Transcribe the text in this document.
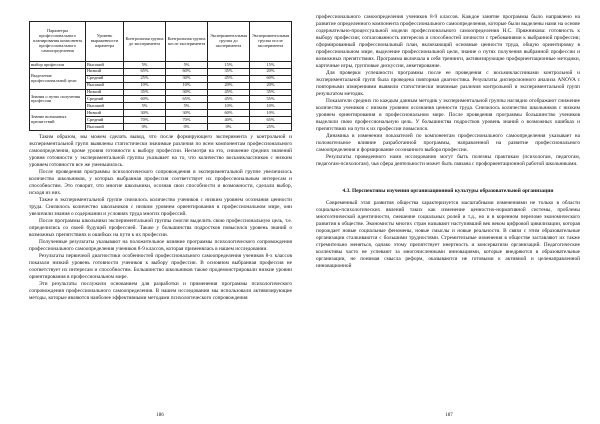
Параметры профессионального планирования компонента профессионального самоопределения	Уровень выраженности параметра	Контрольная группа до эксперимента	Контрольная группа после эксперимента	Экспериментальная группа до эксперимента	Экспериментальная группа после эксперимента
выбор профессии	Высокий	5%	5%	15%	15%
Выделение профессиональной цели	Низкий	65%	60%	35%	20%
	Средний	25%	30%	45%	60%
	Высокий	10%	10%	20%	20%
Знания о путях получения профессии	Низкий	35%	30%	45%	35%
	Средний	60%	65%	45%	55%
	Высокий	5%	5%	10%	10%
Знание возможных препятствий	Низкий	30%	30%	60%	10%
	Средний	70%	70%	40%	65%
	Высокий	0%	0%	0%	25%

Таким образом, мы можем сделать вывод, что после формирующего эксперимента у контрольной и экспериментальной групп выявлены статистически значимые различия по всем компонентам профессионального самоопределения, кроме уровня готовности к выбору профессии. Несмотря на это, снижение средних значений уровня готовности у экспериментальной группы указывает на то, что количество восьмиклассников с низким уровнем готовности все же уменьшилось.

После проведения программы психологического сопровождения в экспериментальной группе увеличилось количество школьников, у которых выбранная профессия соответствует их профессиональным интересам и способностям. Это говорит, что многие школьники, осознав свои способности и возможности, сделали выбор, исходя из них.

Также в экспериментальной группе снизилось количество учеников с низким уровнем осознания ценности труда. Снизилось количество школьников с низким уровнем ориентирования в профессиональном мире, они увеличили знания о содержании и условиях труда многих профессий.

После программы школьники экспериментальной группы смогли выделить свою профессиональную цель, т.е. определились со своей будущей профессией. Также у большинства подростков повысился уровень знаний о возможных препятствиях и ошибках на пути к их профессии.

Полученные результаты указывают на положительное влияние программы психологического сопровождения профессионального самоопределения учеников 8-9 классов, которая применялась в нашем исследовании.

Результаты первичной диагностики особенностей профессионального самоопределения учеников 8-х классов показали низкий уровень готовности учеников к выбору профессии. В основном выбранная профессия не соответствует их интересам и способностям. Большинство школьников также продемонстрировали низкие уровни ориентирования в профессиональном мире.

Эти результаты послужили основанием для разработки и применения программы психологического сопровождения профессионального самоопределения. В нашем исследовании мы использовали активизирующие методы, которые являются наиболее эффективными методами психологического сопровождения

186

профессионального самоопределения учеников 8-9 классов. Каждое занятие программы было направлено на развитие определенного компонента профессионального самоопределения, которые были выделены нами на основе содержательно-процессуальной модели профессионального самоопределения Н.С. Пряжникова: готовность к выбору профессии; согласованность интересов и способностей личности с требованиями к выбранной профессии; сформированный профессиональный план, включающий основные ценности труда, общую ориентировку в профессиональном мире, выделение профессиональной цели, знание о путях получения выбранной профессии и возможных препятствиях. Программа включала в себя тренинги, активизирующие профориентационные методики, карточные игры, групповые дискуссии, анкетирование.

Для проверки успешности программы после ее проведения с восьмиклассниками контрольной и экспериментальной групп была проведена повторная диагностика. Результаты дисперсионного анализа ANOVA с повторными измерениями выявили статистически значимые различия контрольной и экспериментальной групп результатом методик.

Показатели средних по каждым данным методик у экспериментальной группы наглядно отображают снижение количества учеников с низким уровнем осознания ценности труда. Снизилось количество школьников с низким уровнем ориентирования в профессиональном мире. После проведения программы большинство учеников выделили свою профессиональную цель. У большинства подростков уровень знаний о возможных ошибках и препятствиях на пути к их профессии повысился.

Динамика в изменении показателей по компонентам профессионального самоопределения указывает на положительное влияние разработанной программы, направленной на развитие профессионального самоопределения и формирование осознанного выбора профессии.

Результаты проведенного нами исследования могут быть полезны практикам (психологам, педагогам, педагогам-психологам), чья сфера деятельности может быть связана с профориентационной работой школьниками.

4.3. Перспективы изучения организационной культуры образовательной организации

Современный этап развития общества характеризуется масштабными изменениями не только в области социально-психологических явлений таких как изменение ценностно-нормативной системы, проблемы многоэтнической идентичности, смешение социальных ролей и т.д., но и в коренном переломе экономического развития в обществе. Экономисты многих стран называют наступивший век веком цифровой цивилизации, которая порождает новые социальные феномены, новые смыслы и новые реальности. В связи с этим образовательные организации сталкиваются с большими трудностями. Стремительные изменения в обществе заставляют их также стремительно меняться, однако этому препятствует инертность и консерватизм организаций. Педагогические коллективы часто не успевают за многочисленными инновациями, которые внедряются в образовательные организации, не понимая смысла реформ, оказываются не готовыми к активной и целенаправленной инновационной

187
